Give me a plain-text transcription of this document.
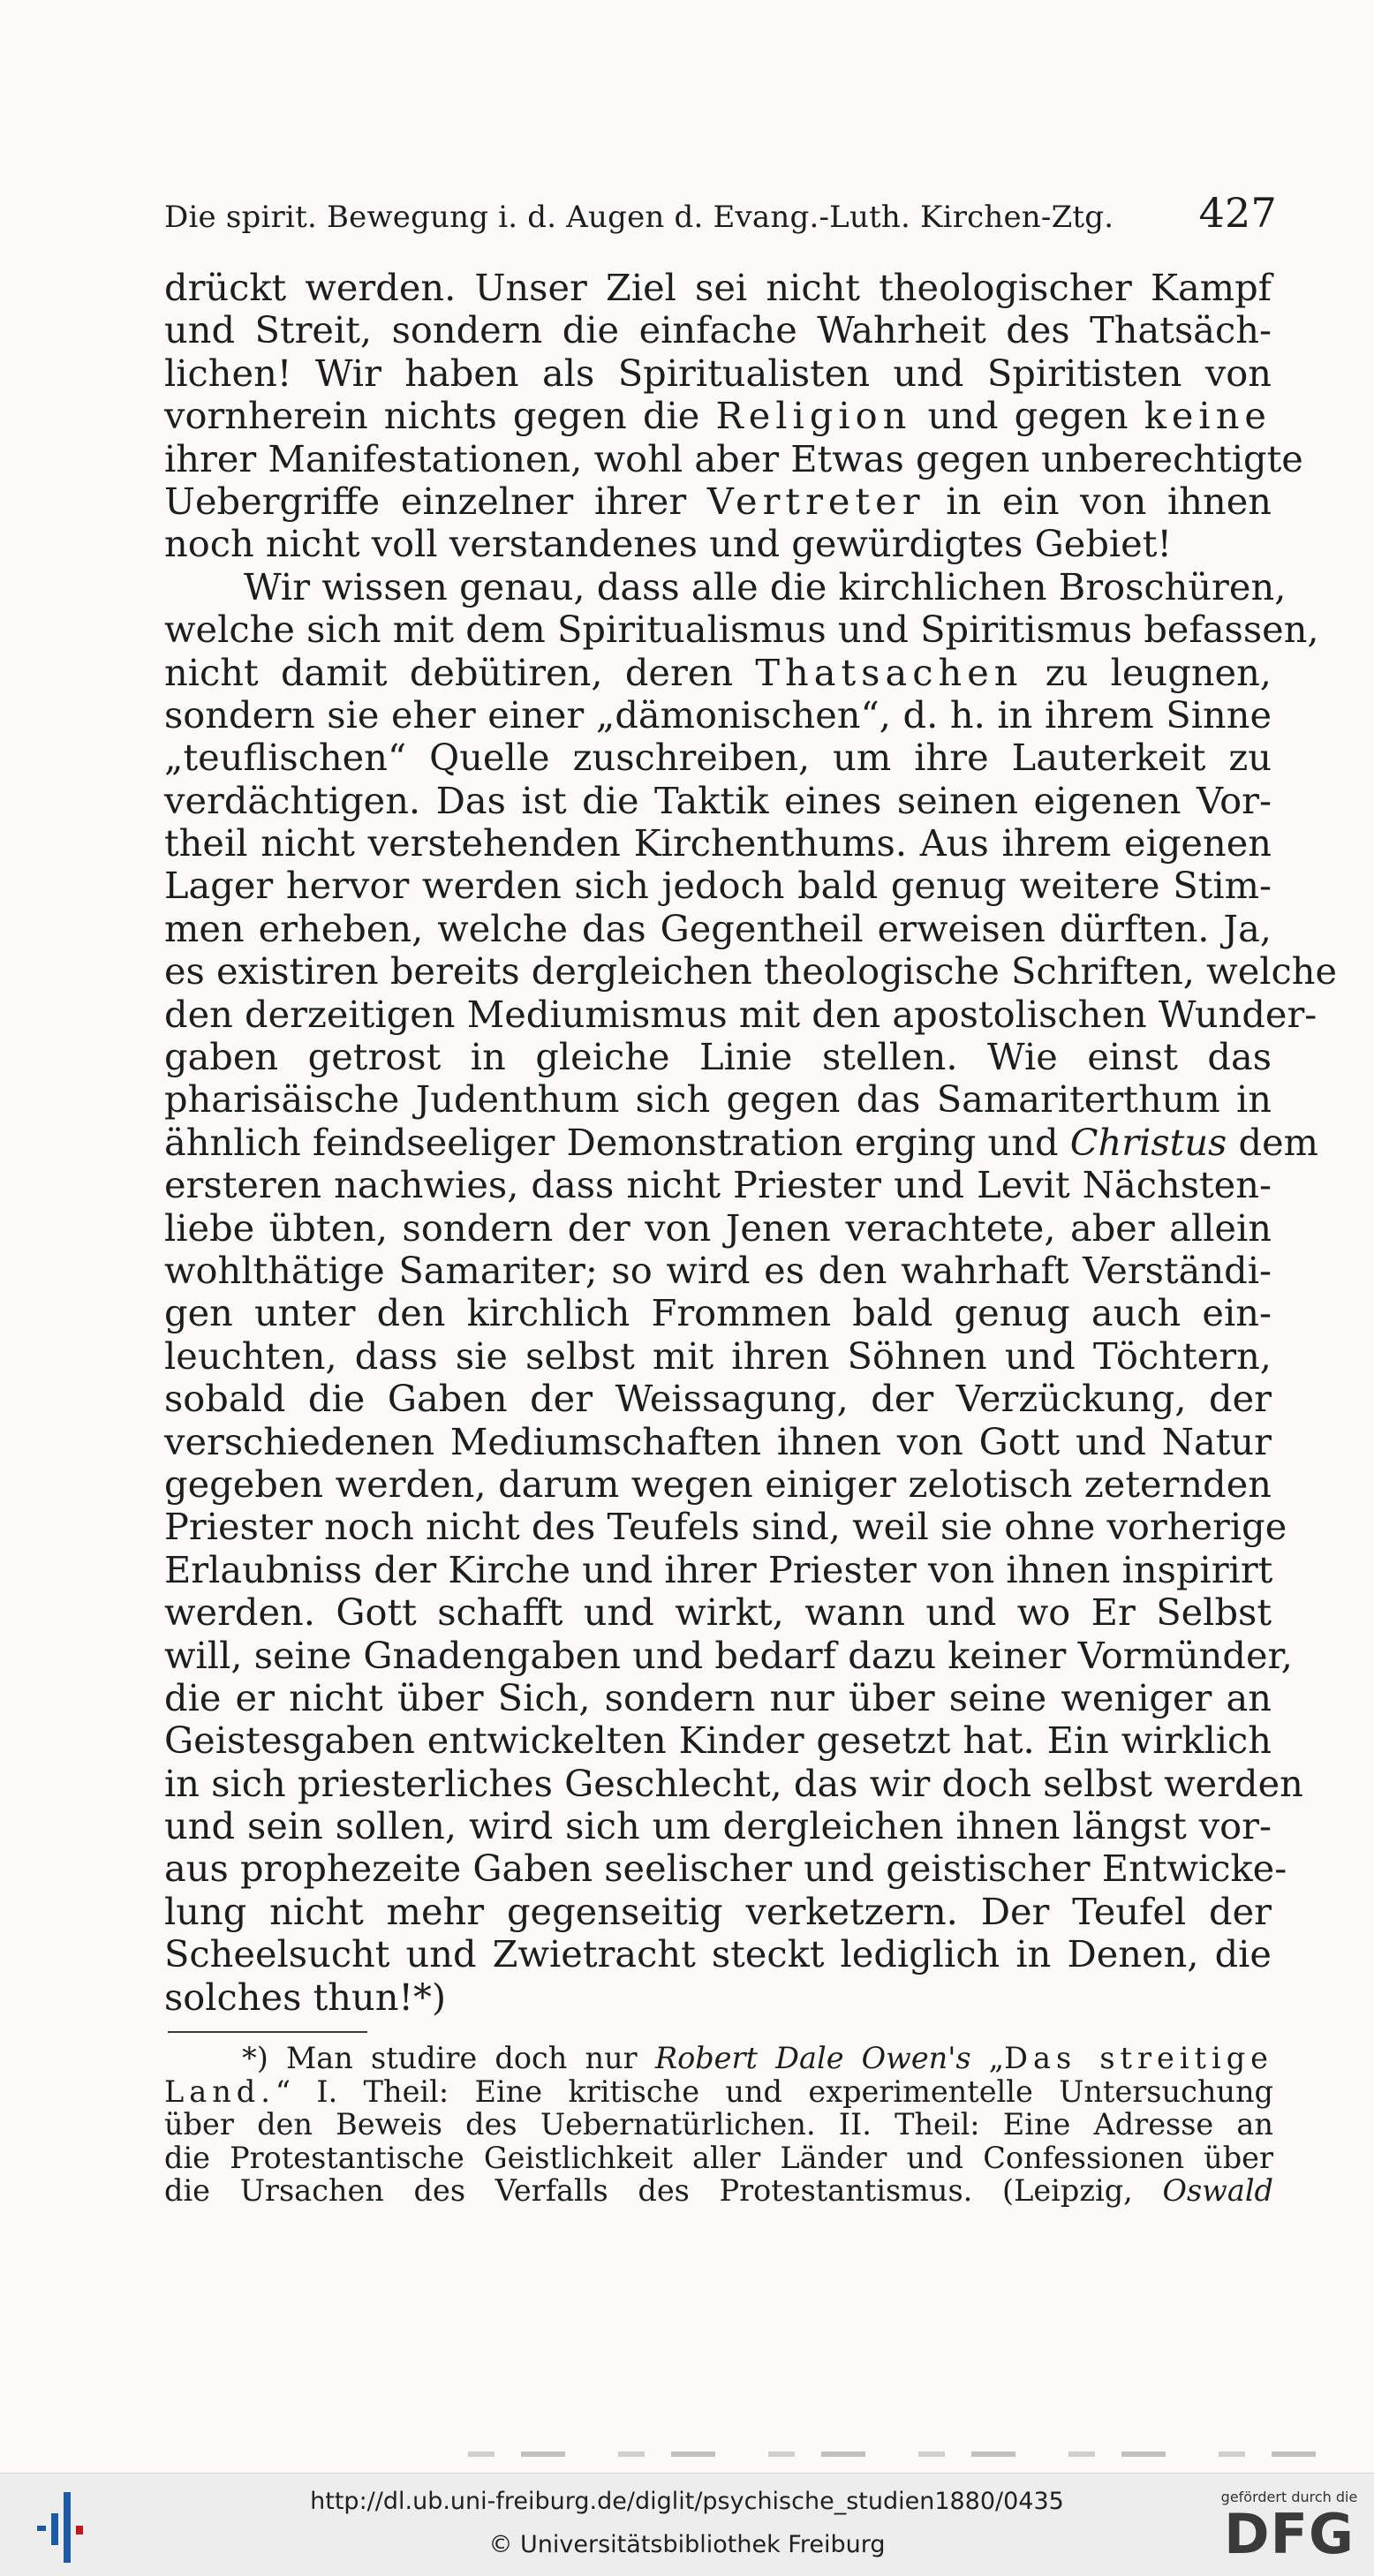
Die spirit. Bewegung i. d. Augen d. Evang.-Luth. Kirchen-Ztg. 427
drückt werden. Unser Ziel sei nicht theologischer Kampf
und Streit, sondern die einfache Wahrheit des Thatsäch-
lichen! Wir haben als Spiritualisten und Spiritisten von
vornherein nichts gegen die Religion und gegen keine
ihrer Manifestationen, wohl aber Etwas gegen unberechtigte
Uebergriffe einzelner ihrer Vertreter in ein von ihnen
noch nicht voll verstandenes und gewürdigtes Gebiet!
Wir wissen genau, dass alle die kirchlichen Broschüren,
welche sich mit dem Spiritualismus und Spiritismus befassen,
nicht damit debütiren, deren Thatsachen zu leugnen,
sondern sie eher einer „dämonischen“, d. h. in ihrem Sinne
„teuflischen“ Quelle zuschreiben, um ihre Lauterkeit zu
verdächtigen. Das ist die Taktik eines seinen eigenen Vor-
theil nicht verstehenden Kirchenthums. Aus ihrem eigenen
Lager hervor werden sich jedoch bald genug weitere Stim-
men erheben, welche das Gegentheil erweisen dürften. Ja,
es existiren bereits dergleichen theologische Schriften, welche
den derzeitigen Mediumismus mit den apostolischen Wunder-
gaben getrost in gleiche Linie stellen. Wie einst das
pharisäische Judenthum sich gegen das Samariterthum in
ähnlich feindseeliger Demonstration erging und Christus dem
ersteren nachwies, dass nicht Priester und Levit Nächsten-
liebe übten, sondern der von Jenen verachtete, aber allein
wohlthätige Samariter; so wird es den wahrhaft Verständi-
gen unter den kirchlich Frommen bald genug auch ein-
leuchten, dass sie selbst mit ihren Söhnen und Töchtern,
sobald die Gaben der Weissagung, der Verzückung, der
verschiedenen Mediumschaften ihnen von Gott und Natur
gegeben werden, darum wegen einiger zelotisch zeternden
Priester noch nicht des Teufels sind, weil sie ohne vorherige
Erlaubniss der Kirche und ihrer Priester von ihnen inspirirt
werden. Gott schafft und wirkt, wann und wo Er Selbst
will, seine Gnadengaben und bedarf dazu keiner Vormünder,
die er nicht über Sich, sondern nur über seine weniger an
Geistesgaben entwickelten Kinder gesetzt hat. Ein wirklich
in sich priesterliches Geschlecht, das wir doch selbst werden
und sein sollen, wird sich um dergleichen ihnen längst vor-
aus prophezeite Gaben seelischer und geistischer Entwicke-
lung nicht mehr gegenseitig verketzern. Der Teufel der
Scheelsucht und Zwietracht steckt lediglich in Denen, die
solches thun!*)
*) Man studire doch nur Robert Dale Owen's „Das streitige
Land.“ I. Theil: Eine kritische und experimentelle Untersuchung
über den Beweis des Uebernatürlichen. II. Theil: Eine Adresse an
die Protestantische Geistlichkeit aller Länder und Confessionen über
die Ursachen des Verfalls des Protestantismus. (Leipzig, Oswald
http://dl.ub.uni-freiburg.de/diglit/psychische_studien1880/0435
© Universitätsbibliothek Freiburg
gefördert durch die
DFG
